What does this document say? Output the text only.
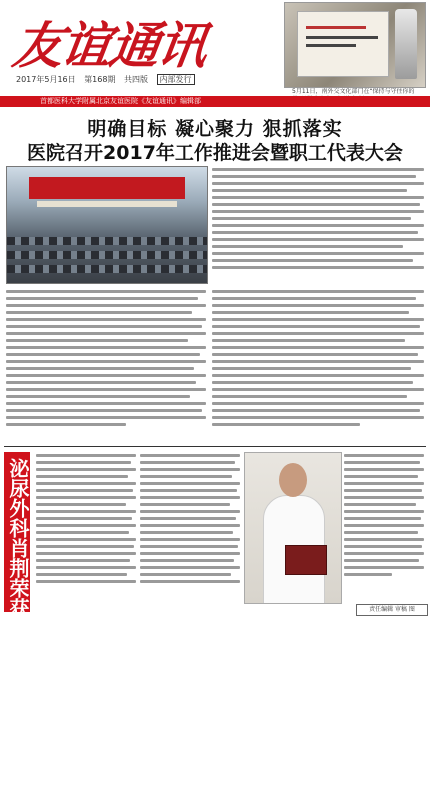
友谊通讯
2017年5月16日 第168期 共四版 内部发行
5月11日，南外交文化部门在“保持与守住你的
首都医科大学附属北京友谊医院《友谊通讯》编辑部
明确目标 凝心聚力 狠抓落实
医院召开2017年工作推进会暨职工代表大会
泌尿外科肖荆荣获“北京青年五四奖章”	责任编辑 审稿 图
